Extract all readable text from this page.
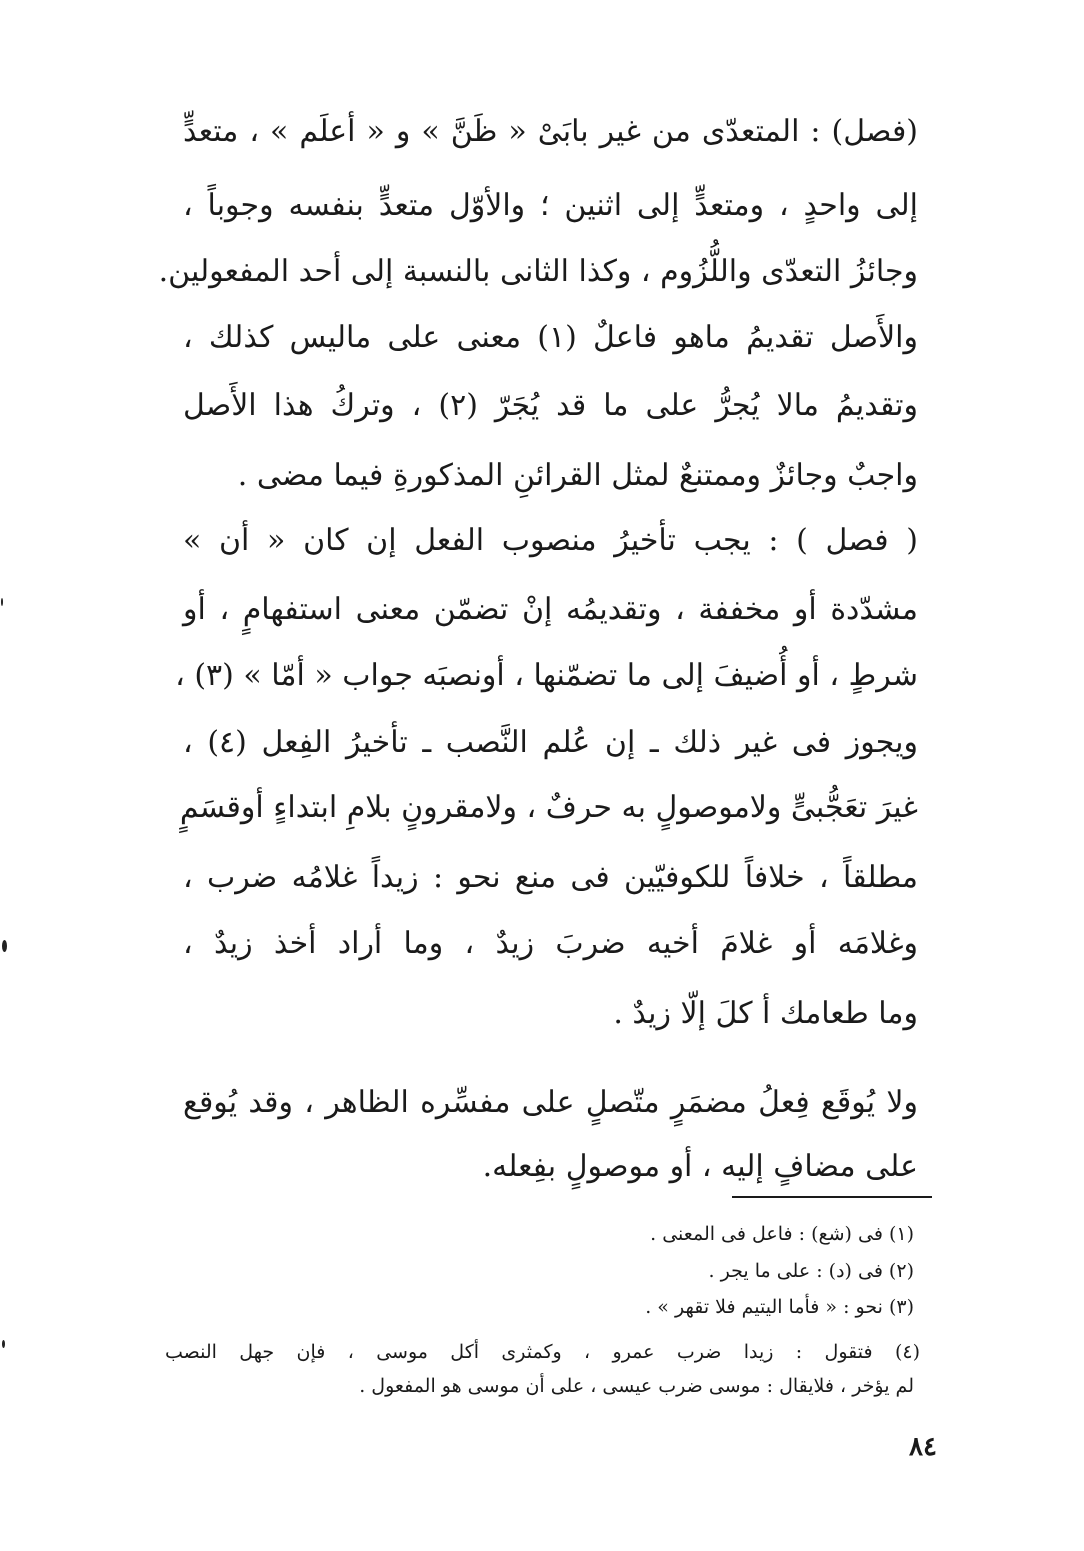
(فصل) : المتعدّى من غير بابَىْ « ظَنَّ » و « أعلَم » ، متعدٍّ
إلى واحدٍ ، ومتعدٍّ إلى اثنين ؛ والأوّل متعدٍّ بنفسه وجوباً ،
وجائزُ التعدّى واللُّزُوم ، وكذا الثانى بالنسبة إلى أحد المفعولين.
والأَصل تقديمُ ماهو فاعلٌ (١) معنى على ماليس كذلك ،
وتقديمُ مالا يُجرُّ على ما قد يُجَرّ (٢) ، وتركُ هذا الأَصل
واجبٌ وجائزٌ وممتنعٌ لمثل القرائنِ المذكورةِ فيما مضى .
( فصل ) : يجب تأخيرُ منصوب الفعل إن كان « أن »
مشدّدة أو مخففة ، وتقديمُه إنْ تضمّن معنى استفهامٍ ، أو
شرطٍ ، أو أُضيفَ إلى ما تضمّنها ، أونصبَه جواب « أمّا » (٣) ،
ويجوز فى غير ذلك ـ إن عُلم النَّصب ـ تأخيرُ الفِعل (٤) ،
غيرَ تعَجُّبىٍّ ولاموصولٍ به حرفٌ ، ولامقرونٍ بلامِ ابتداءٍ أوقسَمٍ
مطلقاً ، خلافاً للكوفيّين فى منع نحو : زيداً غلامُه ضرب ،
وغلامَه أو غلامَ أخيه ضربَ زيدٌ ، وما أراد أخذ زيدٌ ،
وما طعامك أ كلَ إلّا زيدٌ .
ولا يُوقَع فِعلُ مضمَرٍ متّصلٍ على مفسِّره الظاهر ، وقد يُوقع
على مضافٍ إليه ، أو موصولٍ بفِعله.
(١) فى (شع) : فاعل فى المعنى .
(٢) فى (د) : على ما يجر .
(٣) نحو : « فأما اليتيم فلا تقهر » .
(٤) فتقول : زيدا ضرب عمرو ، وكمثرى أكل موسى ، فإن جهل النصب
لم يؤخر ، فلايقال : موسى ضرب عيسى ، على أن موسى هو المفعول .
٨٤
